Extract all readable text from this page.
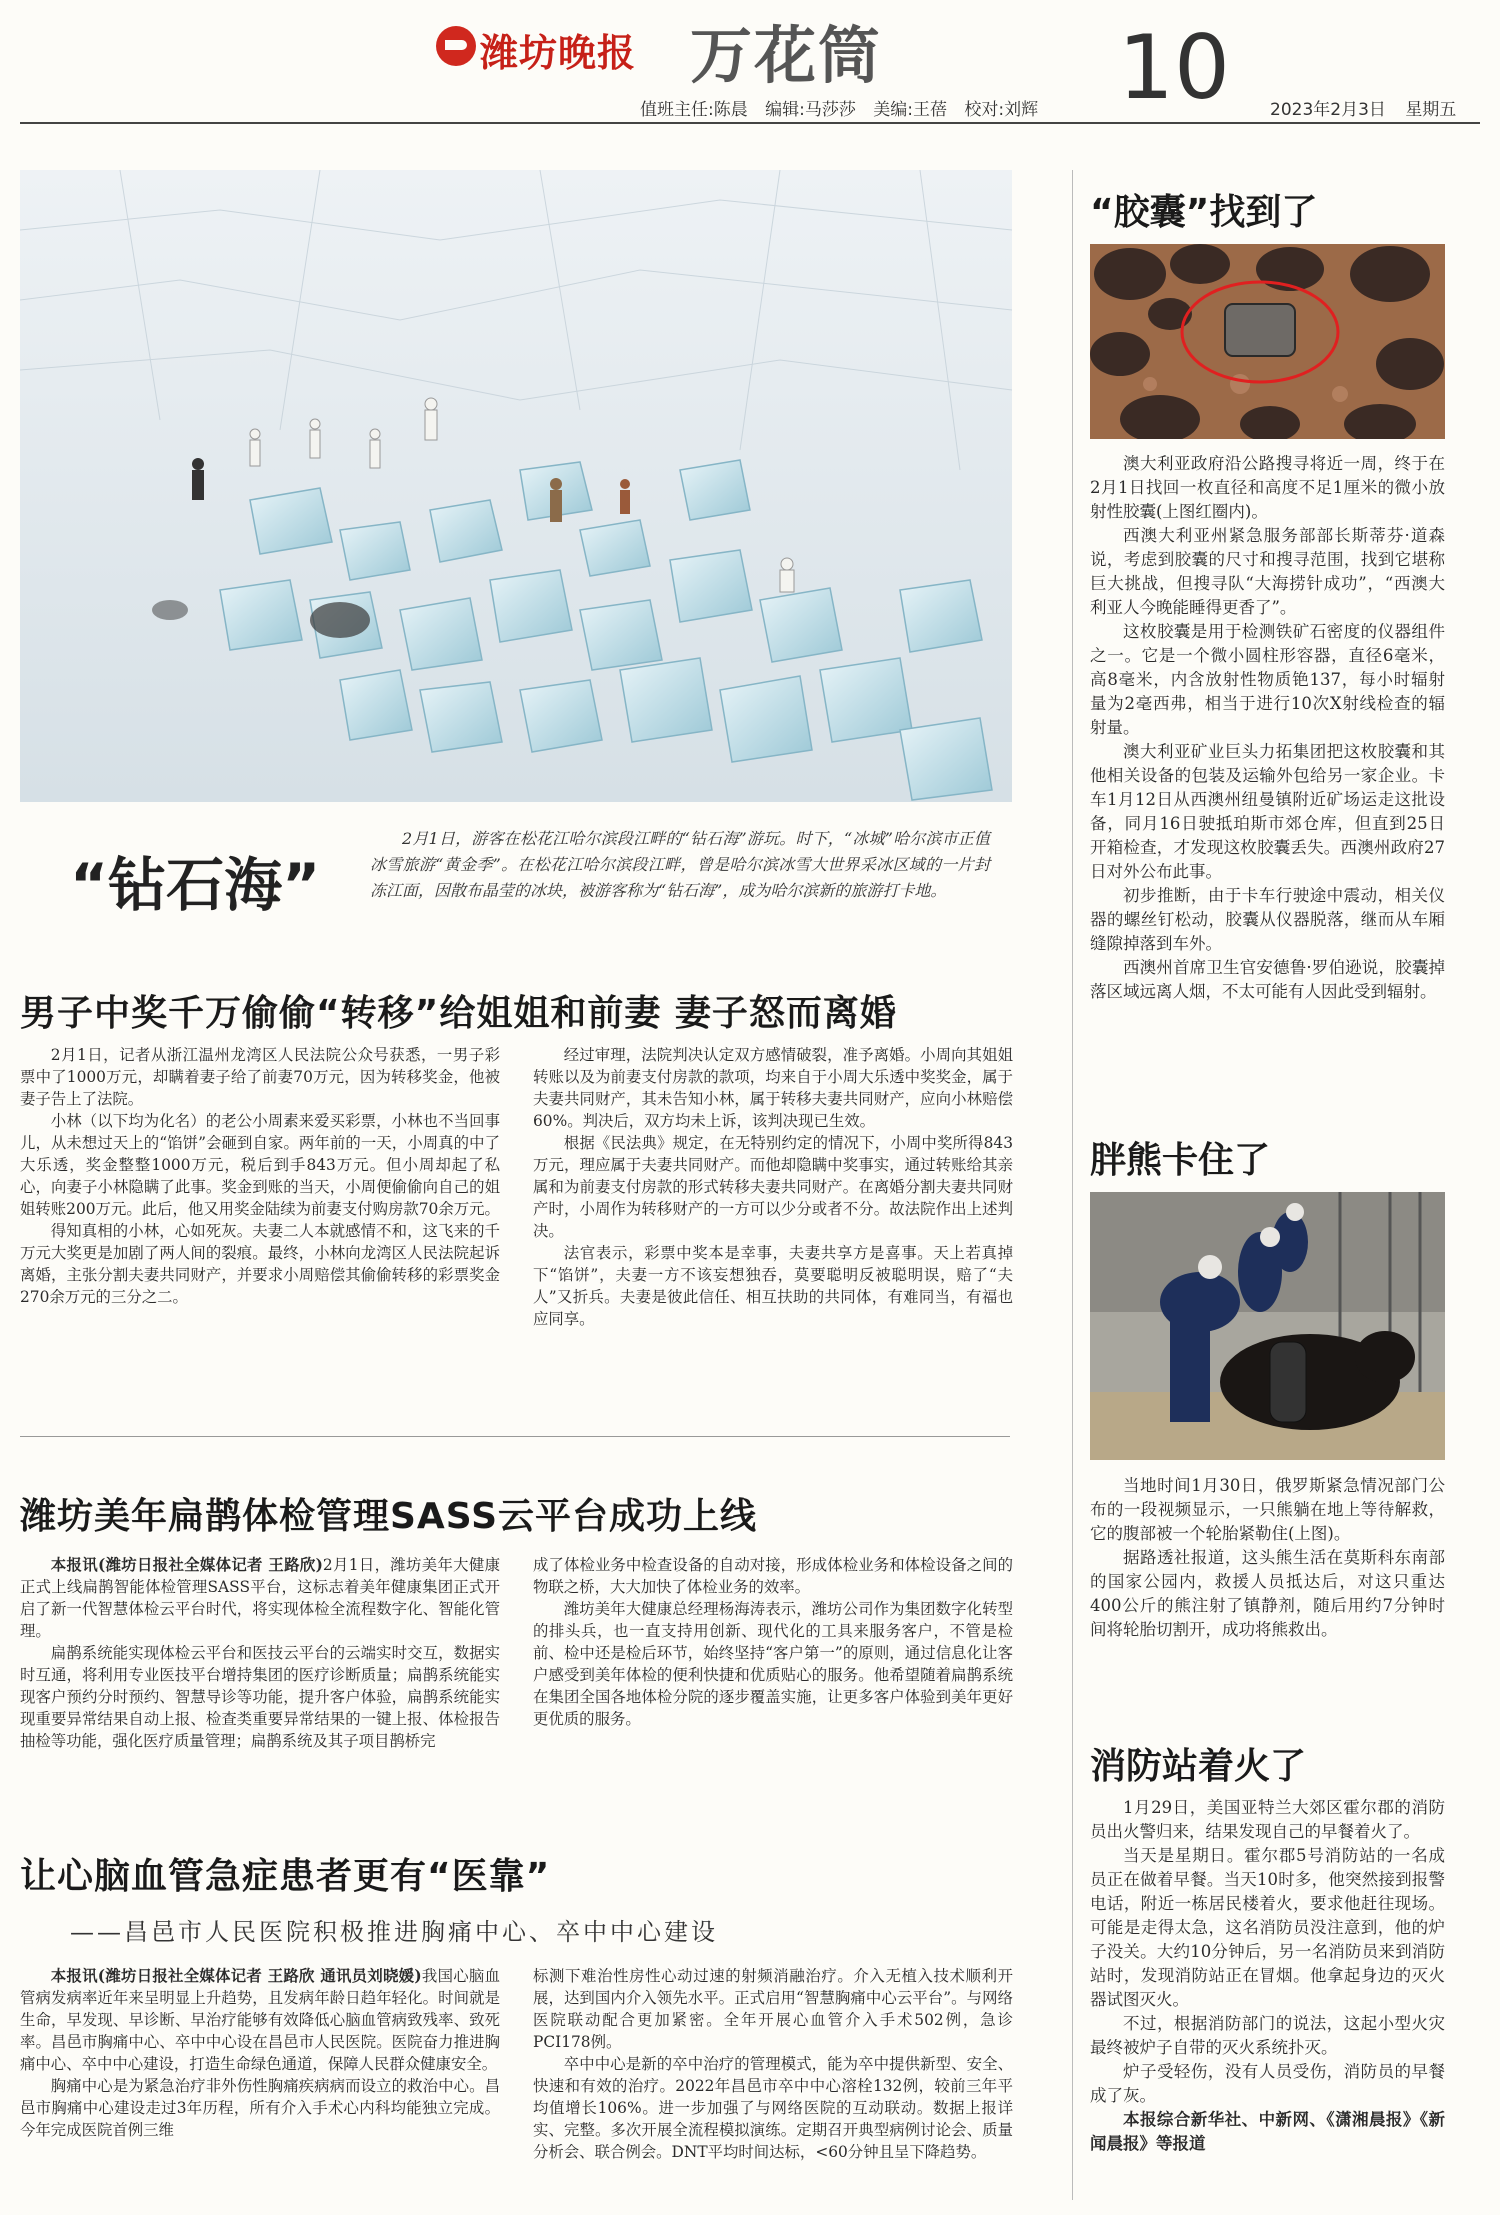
潍坊晚报 万花筒	10
值班主任:陈晨 编辑:马莎莎 美编:王蓓 校对:刘辉	2023年2月3日 星期五
“钻石海”
2月1日，游客在松花江哈尔滨段江畔的“钻石海”游玩。时下，“冰城”哈尔滨市正值冰雪旅游“黄金季”。在松花江哈尔滨段江畔，曾是哈尔滨冰雪大世界采冰区域的一片封冻江面，因散布晶莹的冰块，被游客称为“钻石海”，成为哈尔滨新的旅游打卡地。
男子中奖千万偷偷“转移”给姐姐和前妻 妻子怒而离婚

2月1日，记者从浙江温州龙湾区人民法院公众号获悉，一男子彩票中了1000万元，却瞒着妻子给了前妻70万元，因为转移奖金，他被妻子告上了法院。

小林（以下均为化名）的老公小周素来爱买彩票，小林也不当回事儿，从未想过天上的“馅饼”会砸到自家。两年前的一天，小周真的中了大乐透，奖金整整1000万元，税后到手843万元。但小周却起了私心，向妻子小林隐瞒了此事。奖金到账的当天，小周便偷偷向自己的姐姐转账200万元。此后，他又用奖金陆续为前妻支付购房款70余万元。

得知真相的小林，心如死灰。夫妻二人本就感情不和，这飞来的千万元大奖更是加剧了两人间的裂痕。最终，小林向龙湾区人民法院起诉离婚，主张分割夫妻共同财产，并要求小周赔偿其偷偷转移的彩票奖金270余万元的三分之二。

经过审理，法院判决认定双方感情破裂，准予离婚。小周向其姐姐转账以及为前妻支付房款的款项，均来自于小周大乐透中奖奖金，属于夫妻共同财产，其未告知小林，属于转移夫妻共同财产，应向小林赔偿60%。判决后，双方均未上诉，该判决现已生效。

根据《民法典》规定，在无特别约定的情况下，小周中奖所得843万元，理应属于夫妻共同财产。而他却隐瞒中奖事实，通过转账给其亲属和为前妻支付房款的形式转移夫妻共同财产。在离婚分割夫妻共同财产时，小周作为转移财产的一方可以少分或者不分。故法院作出上述判决。

法官表示，彩票中奖本是幸事，夫妻共享方是喜事。天上若真掉下“馅饼”，夫妻一方不该妄想独吞，莫要聪明反被聪明误，赔了“夫人”又折兵。夫妻是彼此信任、相互扶助的共同体，有难同当，有福也应同享。

潍坊美年扁鹊体检管理SASS云平台成功上线

本报讯(潍坊日报社全媒体记者 王路欣)2月1日，潍坊美年大健康正式上线扁鹊智能体检管理SASS平台，这标志着美年健康集团正式开启了新一代智慧体检云平台时代，将实现体检全流程数字化、智能化管理。

扁鹊系统能实现体检云平台和医技云平台的云端实时交互，数据实时互通，将利用专业医技平台增持集团的医疗诊断质量；扁鹊系统能实现客户预约分时预约、智慧导诊等功能，提升客户体验，扁鹊系统能实现重要异常结果自动上报、检查类重要异常结果的一键上报、体检报告抽检等功能，强化医疗质量管理；扁鹊系统及其子项目鹊桥完

成了体检业务中检查设备的自动对接，形成体检业务和体检设备之间的物联之桥，大大加快了体检业务的效率。

潍坊美年大健康总经理杨海涛表示，潍坊公司作为集团数字化转型的排头兵，也一直支持用创新、现代化的工具来服务客户，不管是检前、检中还是检后环节，始终坚持“客户第一”的原则，通过信息化让客户感受到美年体检的便利快捷和优质贴心的服务。他希望随着扁鹊系统在集团全国各地体检分院的逐步覆盖实施，让更多客户体验到美年更好更优质的服务。

让心脑血管急症患者更有“医靠”
——昌邑市人民医院积极推进胸痛中心、卒中中心建设

本报讯(潍坊日报社全媒体记者 王路欣 通讯员刘晓媛)我国心脑血管病发病率近年来呈明显上升趋势，且发病年龄日趋年轻化。时间就是生命，早发现、早诊断、早治疗能够有效降低心脑血管病致残率、致死率。昌邑市胸痛中心、卒中中心设在昌邑市人民医院。医院奋力推进胸痛中心、卒中中心建设，打造生命绿色通道，保障人民群众健康安全。

胸痛中心是为紧急治疗非外伤性胸痛疾病病而设立的救治中心。昌邑市胸痛中心建设走过3年历程，所有介入手术心内科均能独立完成。今年完成医院首例三维

标测下难治性房性心动过速的射频消融治疗。介入无植入技术顺利开展，达到国内介入领先水平。正式启用“智慧胸痛中心云平台”。与网络医院联动配合更加紧密。全年开展心血管介入手术502例，急诊PCI178例。

卒中中心是新的卒中治疗的管理模式，能为卒中提供新型、安全、快速和有效的治疗。2022年昌邑市卒中中心溶栓132例，较前三年平均值增长106%。进一步加强了与网络医院的互动联动。数据上报详实、完整。多次开展全流程模拟演练。定期召开典型病例讨论会、质量分析会、联合例会。DNT平均时间达标，<60分钟且呈下降趋势。

“胶囊”找到了

澳大利亚政府沿公路搜寻将近一周，终于在2月1日找回一枚直径和高度不足1厘米的微小放射性胶囊(上图红圈内)。

西澳大利亚州紧急服务部部长斯蒂芬·道森说，考虑到胶囊的尺寸和搜寻范围，找到它堪称巨大挑战，但搜寻队“大海捞针成功”，“西澳大利亚人今晚能睡得更香了”。

这枚胶囊是用于检测铁矿石密度的仪器组件之一。它是一个微小圆柱形容器，直径6毫米，高8毫米，内含放射性物质铯137，每小时辐射量为2毫西弗，相当于进行10次X射线检查的辐射量。

澳大利亚矿业巨头力拓集团把这枚胶囊和其他相关设备的包装及运输外包给另一家企业。卡车1月12日从西澳州纽曼镇附近矿场运走这批设备，同月16日驶抵珀斯市郊仓库，但直到25日开箱检查，才发现这枚胶囊丢失。西澳州政府27日对外公布此事。

初步推断，由于卡车行驶途中震动，相关仪器的螺丝钉松动，胶囊从仪器脱落，继而从车厢缝隙掉落到车外。

西澳州首席卫生官安德鲁·罗伯逊说，胶囊掉落区域远离人烟，不太可能有人因此受到辐射。

胖熊卡住了

当地时间1月30日，俄罗斯紧急情况部门公布的一段视频显示，一只熊躺在地上等待解救，它的腹部被一个轮胎紧勒住(上图)。

据路透社报道，这头熊生活在莫斯科东南部的国家公园内，救援人员抵达后，对这只重达400公斤的熊注射了镇静剂，随后用约7分钟时间将轮胎切割开，成功将熊救出。

消防站着火了

1月29日，美国亚特兰大郊区霍尔郡的消防员出火警归来，结果发现自己的早餐着火了。

当天是星期日。霍尔郡5号消防站的一名成员正在做着早餐。当天10时多，他突然接到报警电话，附近一栋居民楼着火，要求他赶往现场。可能是走得太急，这名消防员没注意到，他的炉子没关。大约10分钟后，另一名消防员来到消防站时，发现消防站正在冒烟。他拿起身边的灭火器试图灭火。

不过，根据消防部门的说法，这起小型火灾最终被炉子自带的灭火系统扑灭。

炉子受轻伤，没有人员受伤，消防员的早餐成了灰。

本报综合新华社、中新网、《潇湘晨报》《新闻晨报》等报道
